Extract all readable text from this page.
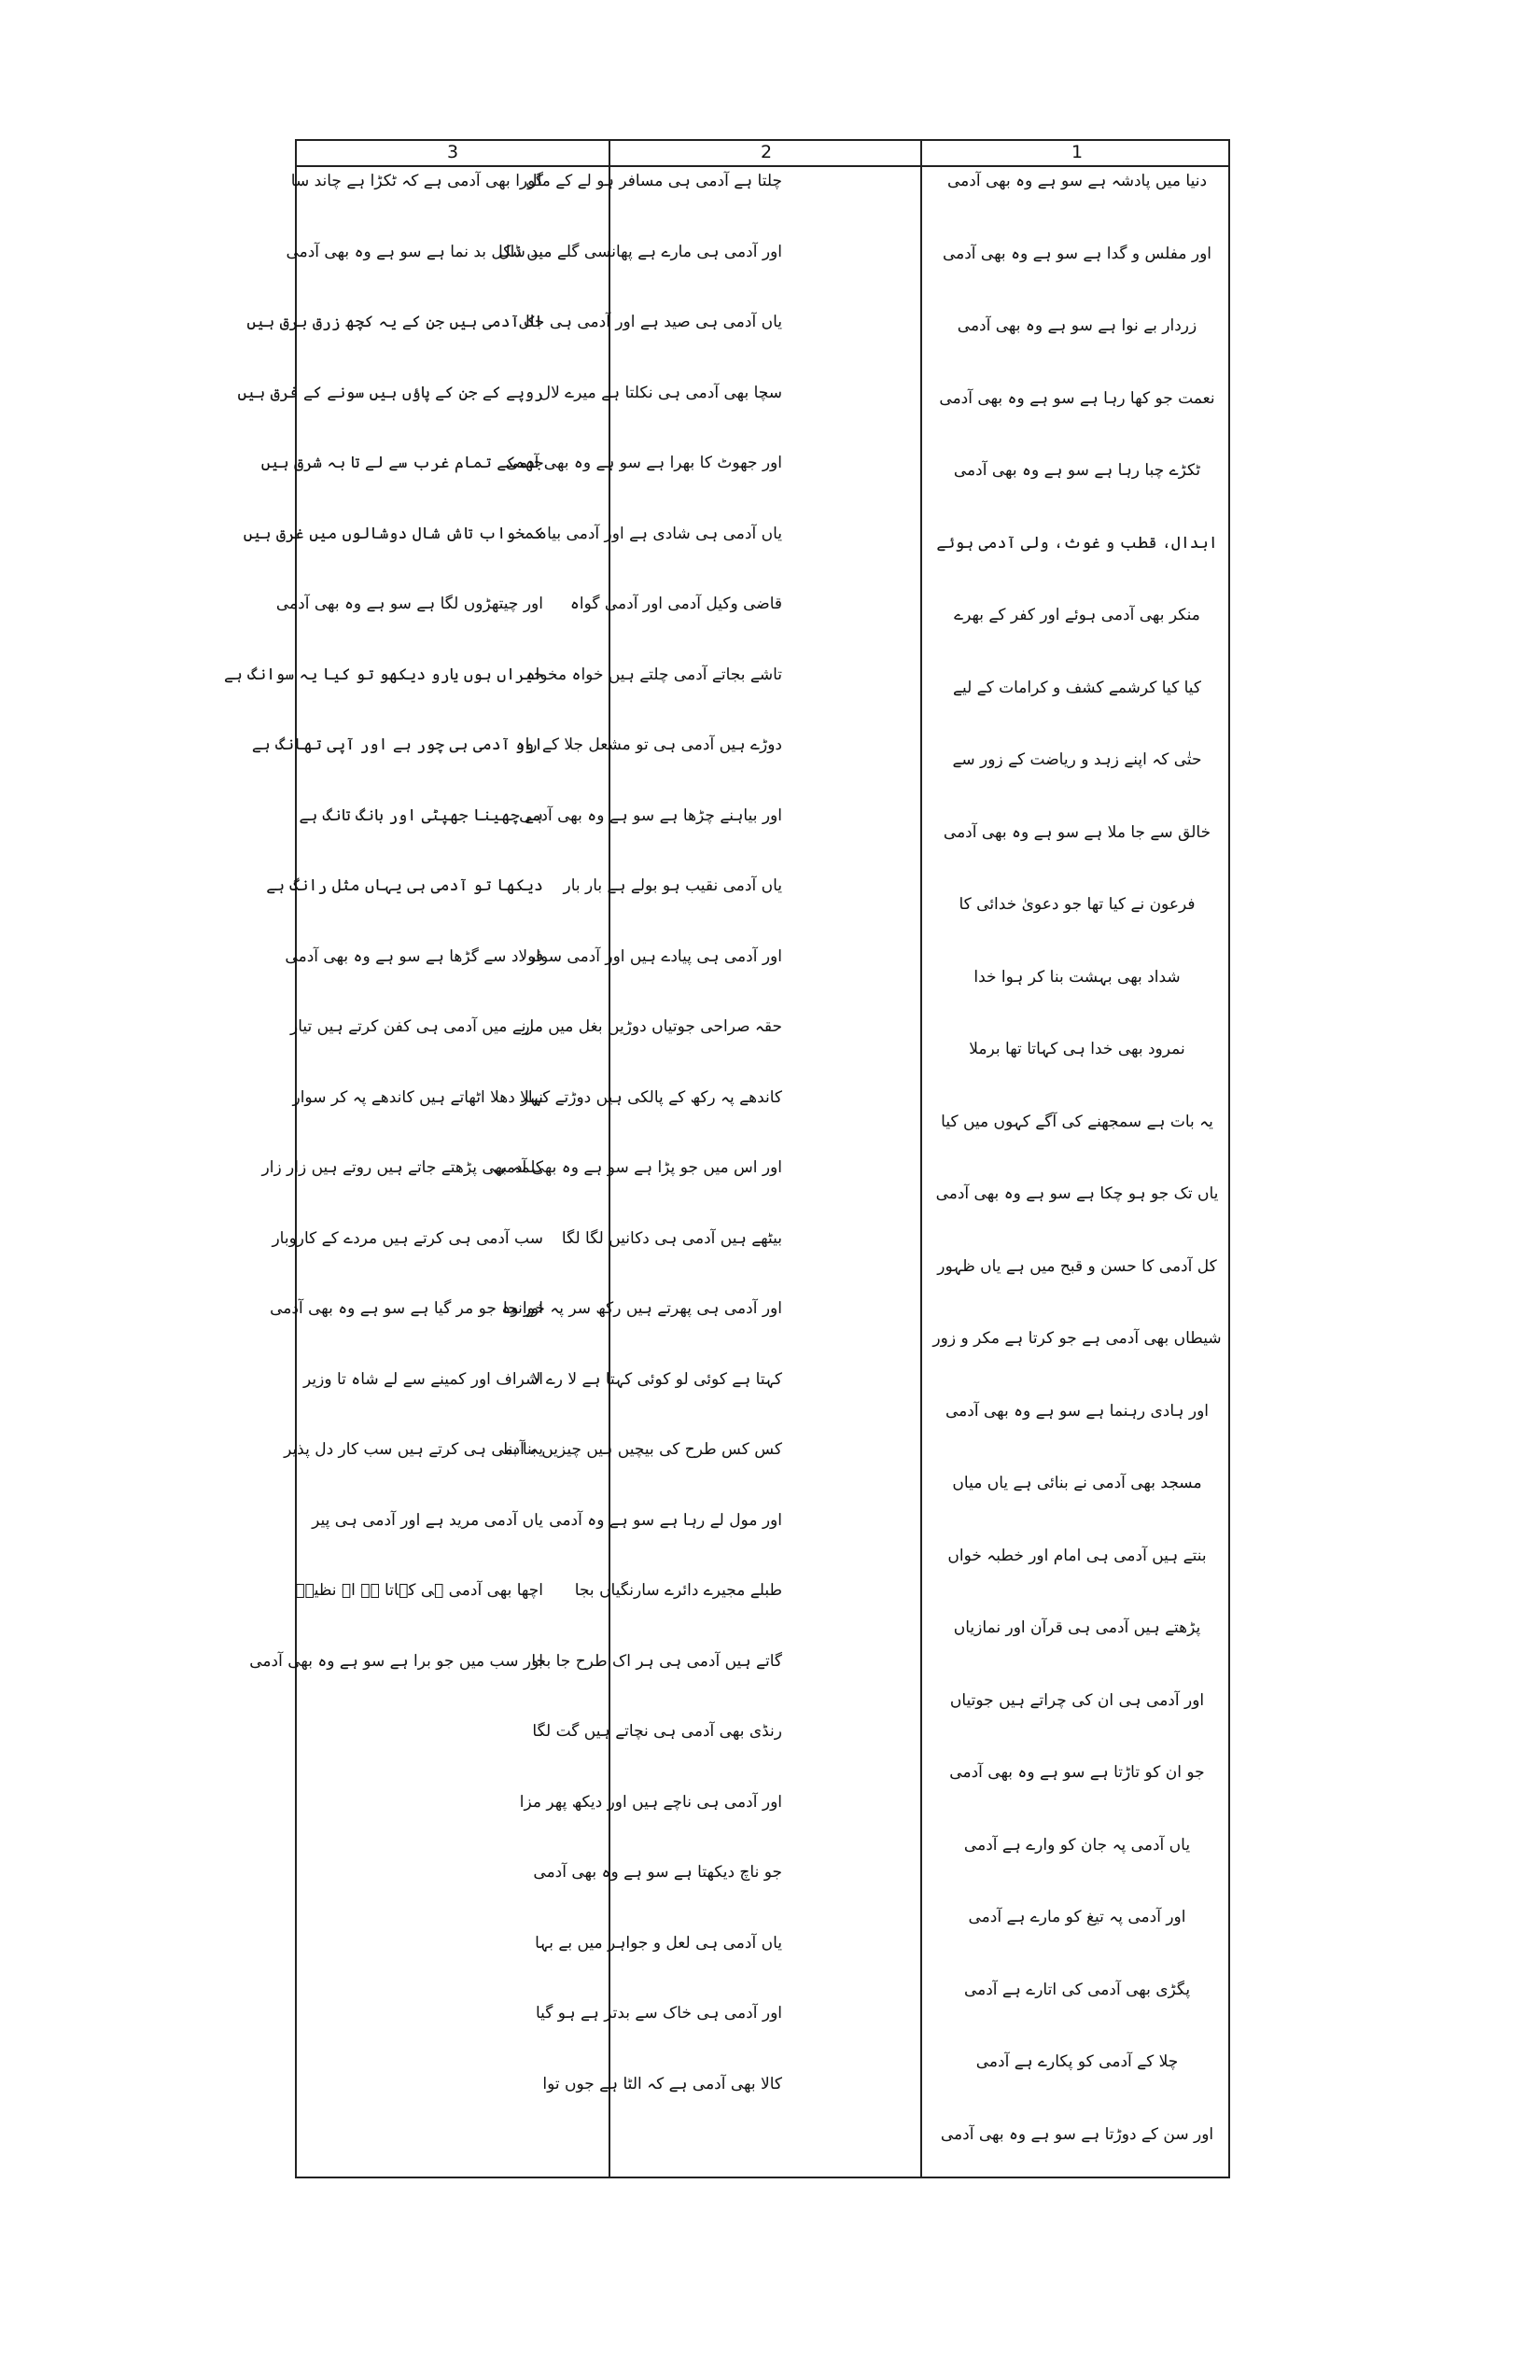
3
گورا بھی آدمی ہے کہ ٹکڑا ہے چاند سا
بد شکل بد نما ہے سو ہے وہ بھی آدمی
اک آدمی ہیں جن کے یہ کچھ زرق برق ہیں
روپے کے جن کے پاؤں ہیں سونے کے فرق ہیں
جھمکے تمام غرب سے لے تا بہ شرق ہیں
کمخواب تاش شال دوشالوں میں غرق ہیں
اور چیتھڑوں لگا ہے سو ہے وہ بھی آدمی
حیراں ہوں یارو دیکھو تو کیا یہ سوانگ ہے
اور آدمی ہی چور ہے اور آپی تھانگ ہے
ہے چھینا جھپٹی اور بانگ تانگ ہے
دیکھا تو آدمی ہی یہاں مثل رانگ ہے
فولاد سے گڑھا ہے سو ہے وہ بھی آدمی
مرنے میں آدمی ہی کفن کرتے ہیں تیار
نہلا دھلا اٹھاتے ہیں کاندھے پہ کر سوار
کلمہ بھی پڑھتے جاتے ہیں روتے ہیں زار زار
سب آدمی ہی کرتے ہیں مردے کے کاروبار
اور وہ جو مر گیا ہے سو ہے وہ بھی آدمی
اشراف اور کمینے سے لے شاہ تا وزیر
یہ آدمی ہی کرتے ہیں سب کار دل پذیر
یاں آدمی مرید ہے اور آدمی ہی پیر
اچھا بھی آدمی ہی کہاتا ہے اے نظیرؔ
اور سب میں جو برا ہے سو ہے وہ بھی آدمی
2
چلتا ہے آدمی ہی مسافر ہو لے کے مال
اور آدمی ہی مارے ہے پھانسی گلے میں ڈال
یاں آدمی ہی صید ہے اور آدمی ہی جال
سچا بھی آدمی ہی نکلتا ہے میرے لال
اور جھوٹ کا بھرا ہے سو ہے وہ بھی آدمی
یاں آدمی ہی شادی ہے اور آدمی بیاہ
قاضی وکیل آدمی اور آدمی گواہ
تاشے بجاتے آدمی چلتے ہیں خواہ مخواہ
دوڑے ہیں آدمی ہی تو مشعل جلا کے راہ
اور بیاہنے چڑھا ہے سو ہے وہ بھی آدمی
یاں آدمی نقیب ہو بولے ہے بار بار
اور آدمی ہی پیادے ہیں اور آدمی سوار
حقہ صراحی جوتیاں دوڑیں بغل میں مار
کاندھے پہ رکھ کے پالکی ہیں دوڑتے کہار
اور اس میں جو پڑا ہے سو ہے وہ بھی آدمی
بیٹھے ہیں آدمی ہی دکانیں لگا لگا
اور آدمی ہی پھرتے ہیں رکھ سر پہ خوانچا
کہتا ہے کوئی لو کوئی کہتا ہے لا رے لا
کس کس طرح کی بیچیں ہیں چیزیں بنا بنا
اور مول لے رہا ہے سو ہے وہ آدمی
طبلے مجیرے دائرے سارنگیاں بجا
گاتے ہیں آدمی ہی ہر اک طرح جا بجا
رنڈی بھی آدمی ہی نچاتے ہیں گت لگا
اور آدمی ہی ناچے ہیں اور دیکھ پھر مزا
جو ناچ دیکھتا ہے سو ہے وہ بھی آدمی
یاں آدمی ہی لعل و جواہر میں بے بہا
اور آدمی ہی خاک سے بدتر ہے ہو گیا
کالا بھی آدمی ہے کہ الٹا ہے جوں توا
1
دنیا میں پادشہ ہے سو ہے وہ بھی آدمی
اور مفلس و گدا ہے سو ہے وہ بھی آدمی
زردار بے نوا ہے سو ہے وہ بھی آدمی
نعمت جو کھا رہا ہے سو ہے وہ بھی آدمی
ٹکڑے چبا رہا ہے سو ہے وہ بھی آدمی
ابدال، قطب و غوث، ولی آدمی ہوئے
منکر بھی آدمی ہوئے اور کفر کے بھرے
کیا کیا کرشمے کشف و کرامات کے لیے
حتٰی کہ اپنے زہد و ریاضت کے زور سے
خالق سے جا ملا ہے سو ہے وہ بھی آدمی
فرعون نے کیا تھا جو دعویٰ خدائی کا
شداد بھی بہشت بنا کر ہوا خدا
نمرود بھی خدا ہی کہاتا تھا برملا
یہ بات ہے سمجھنے کی آگے کہوں میں کیا
یاں تک جو ہو چکا ہے سو ہے وہ بھی آدمی
کل آدمی کا حسن و قبح میں ہے یاں ظہور
شیطاں بھی آدمی ہے جو کرتا ہے مکر و زور
اور ہادی رہنما ہے سو ہے وہ بھی آدمی
مسجد بھی آدمی نے بنائی ہے یاں میاں
بنتے ہیں آدمی ہی امام اور خطبہ خواں
پڑھتے ہیں آدمی ہی قرآن اور نمازیاں
اور آدمی ہی ان کی چراتے ہیں جوتیاں
جو ان کو تاڑتا ہے سو ہے وہ بھی آدمی
یاں آدمی پہ جان کو وارے ہے آدمی
اور آدمی پہ تیغ کو مارے ہے آدمی
پگڑی بھی آدمی کی اتارے ہے آدمی
چلا کے آدمی کو پکارے ہے آدمی
اور سن کے دوڑتا ہے سو ہے وہ بھی آدمی
